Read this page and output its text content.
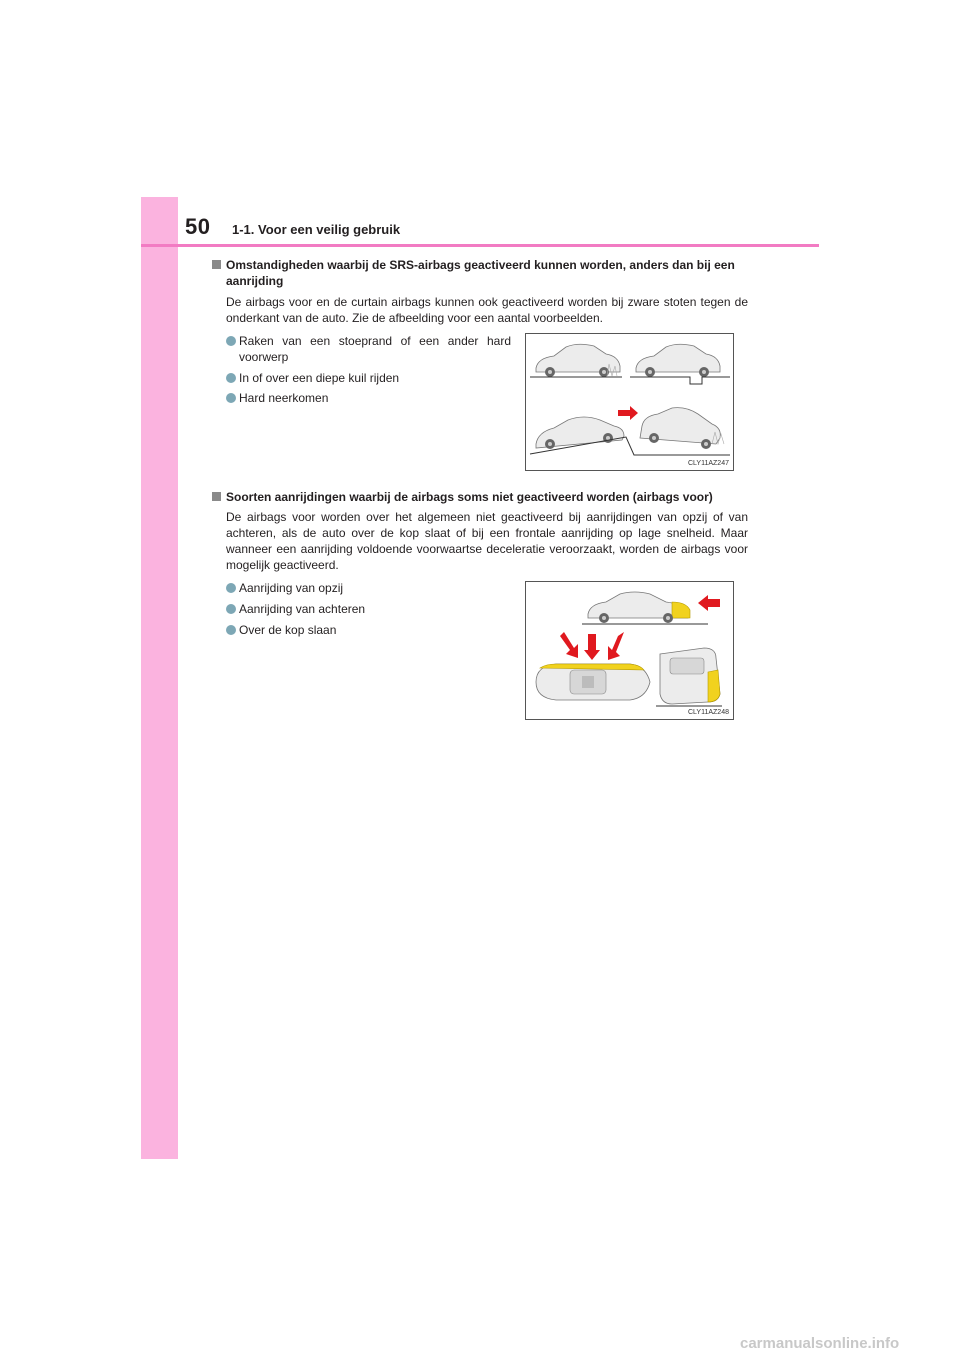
50 1-1. Voor een veilig gebruik
Omstandigheden waarbij de SRS-airbags geactiveerd kunnen worden, anders dan bij een aanrijding
De airbags voor en de curtain airbags kunnen ook geactiveerd worden bij zware stoten tegen de onderkant van de auto. Zie de afbeelding voor een aantal voorbeelden.
Raken van een stoeprand of een ander hard voorwerp
In of over een diepe kuil rijden
Hard neerkomen
CLY11AZ247
Soorten aanrijdingen waarbij de airbags soms niet geactiveerd worden (airbags voor)
De airbags voor worden over het algemeen niet geactiveerd bij aanrijdingen van opzij of van achteren, als de auto over de kop slaat of bij een frontale aanrijding op lage snelheid. Maar wanneer een aanrijding voldoende voorwaartse deceleratie veroorzaakt, worden de airbags voor mogelijk geactiveerd.
Aanrijding van opzij
Aanrijding van achteren
Over de kop slaan
CLY11AZ248
carmanualsonline.info
